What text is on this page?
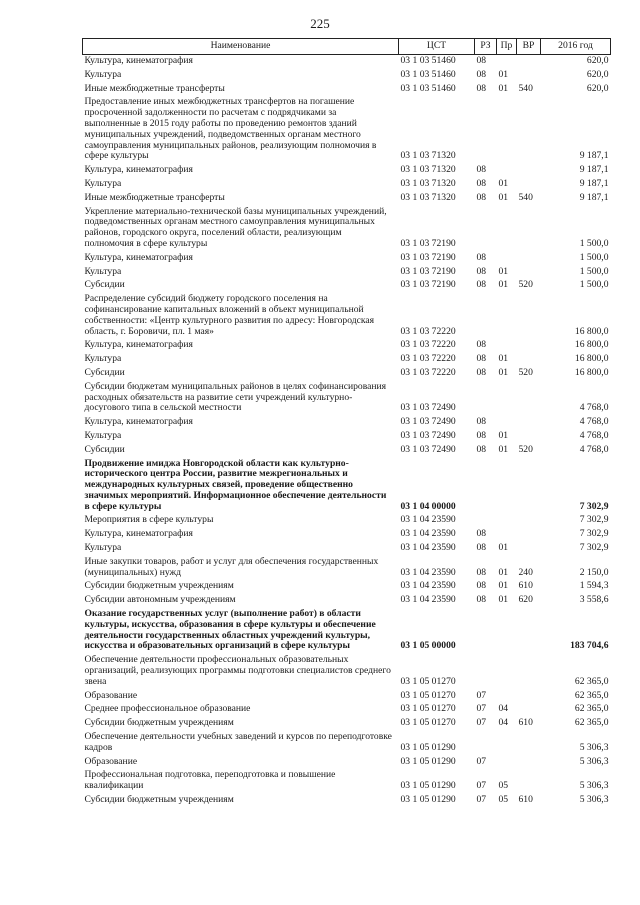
225
Наименование	ЦСТ	РЗ	Пр	ВР	2016 год
Культура, кинематография	03 1 03 51460	08			620,0
Культура	03 1 03 51460	08	01		620,0
Иные межбюджетные трансферты	03 1 03 51460	08	01	540	620,0
Предоставление иных межбюджетных трансфертов на погашение просроченной задолженности по расчетам с подрядчиками за выполненные в 2015 году работы по проведению ремонтов зданий муниципальных учреждений, подведомственных органам местного самоуправления муниципальных районов, реализующим полномочия в сфере культуры	03 1 03 71320				9 187,1
Культура, кинематография	03 1 03 71320	08			9 187,1
Культура	03 1 03 71320	08	01		9 187,1
Иные межбюджетные трансферты	03 1 03 71320	08	01	540	9 187,1
Укрепление материально-технической базы муниципальных учреждений, подведомственных органам местного самоуправления муниципальных районов, городского округа, поселений области, реализующим полномочия в сфере культуры	03 1 03 72190				1 500,0
Культура, кинематография	03 1 03 72190	08			1 500,0
Культура	03 1 03 72190	08	01		1 500,0
Субсидии	03 1 03 72190	08	01	520	1 500,0
Распределение субсидий бюджету городского поселения на софинансирование капитальных вложений в объект муниципальной собственности: «Центр культурного развития по адресу: Новгородская область, г. Боровичи, пл. 1 мая»	03 1 03 72220				16 800,0
Культура, кинематография	03 1 03 72220	08			16 800,0
Культура	03 1 03 72220	08	01		16 800,0
Субсидии	03 1 03 72220	08	01	520	16 800,0
Субсидии бюджетам муниципальных районов в целях софинансирования расходных обязательств на развитие сети учреждений культурно-досугового типа в сельской местности	03 1 03 72490				4 768,0
Культура, кинематография	03 1 03 72490	08			4 768,0
Культура	03 1 03 72490	08	01		4 768,0
Субсидии	03 1 03 72490	08	01	520	4 768,0
Продвижение имиджа Новгородской области как культурно-исторического центра России, развитие межрегиональных и международных культурных связей, проведение общественно значимых мероприятий. Информационное обеспечение деятельности в сфере культуры	03 1 04 00000				7 302,9
Мероприятия в сфере культуры	03 1 04 23590				7 302,9
Культура, кинематография	03 1 04 23590	08			7 302,9
Культура	03 1 04 23590	08	01		7 302,9
Иные закупки товаров, работ и услуг для обеспечения государственных (муниципальных) нужд	03 1 04 23590	08	01	240	2 150,0
Субсидии бюджетным учреждениям	03 1 04 23590	08	01	610	1 594,3
Субсидии автономным учреждениям	03 1 04 23590	08	01	620	3 558,6
Оказание государственных услуг (выполнение работ) в области культуры, искусства, образования в сфере культуры и обеспечение деятельности государственных областных учреждений культуры, искусства и образовательных организаций в сфере культуры	03 1 05 00000				183 704,6
Обеспечение деятельности профессиональных образовательных организаций, реализующих программы подготовки специалистов среднего звена	03 1 05 01270				62 365,0
Образование	03 1 05 01270	07			62 365,0
Среднее профессиональное образование	03 1 05 01270	07	04		62 365,0
Субсидии бюджетным учреждениям	03 1 05 01270	07	04	610	62 365,0
Обеспечение деятельности учебных заведений и курсов по переподготовке кадров	03 1 05 01290				5 306,3
Образование	03 1 05 01290	07			5 306,3
Профессиональная подготовка, переподготовка и повышение квалификации	03 1 05 01290	07	05		5 306,3
Субсидии бюджетным учреждениям	03 1 05 01290	07	05	610	5 306,3
